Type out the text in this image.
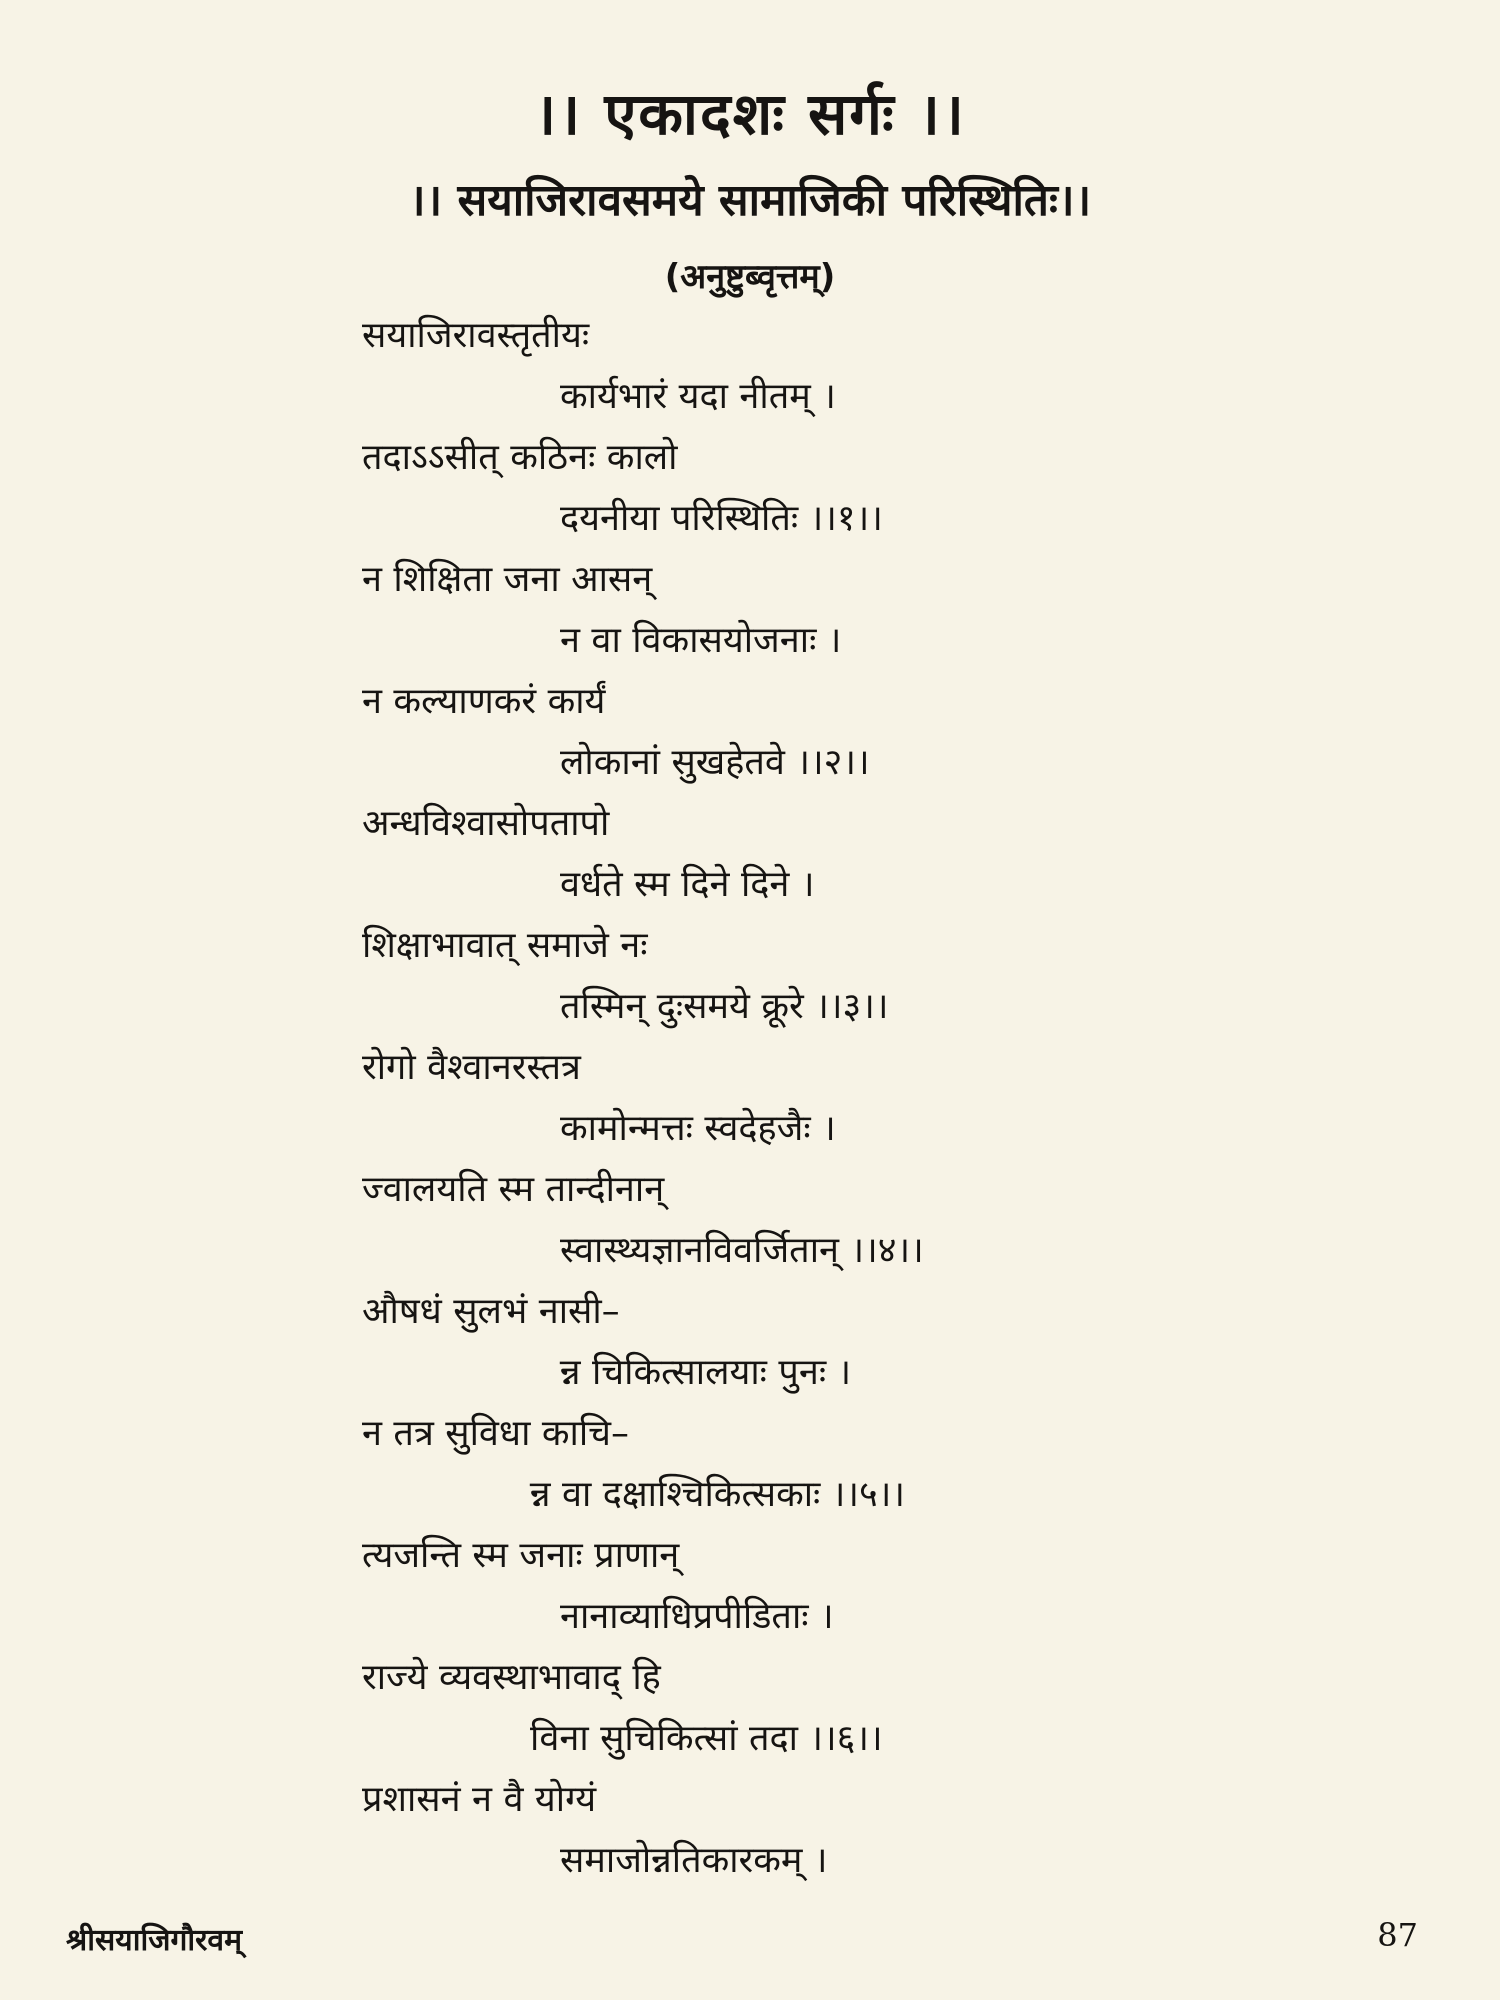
।। एकादशः सर्गः ।।
।। सयाजिरावसमये सामाजिकी परिस्थितिः।।
(अनुष्टुब्वृत्तम्)
सयाजिरावस्तृतीयः
कार्यभारं यदा नीतम् ।
तदाऽऽसीत् कठिनः कालो
दयनीया परिस्थितिः ।।१।।
न शिक्षिता जना आसन्
न वा विकासयोजनाः ।
न कल्याणकरं कार्यं
लोकानां सुखहेतवे ।।२।।
अन्धविश्वासोपतापो
वर्धते स्म दिने दिने ।
शिक्षाभावात् समाजे नः
तस्मिन् दुःसमये क्रूरे ।।३।।
रोगो वैश्वानरस्तत्र
कामोन्मत्तः स्वदेहजैः ।
ज्वालयति स्म तान्दीनान्
स्वास्थ्यज्ञानविवर्जितान् ।।४।।
औषधं सुलभं नासी–
न्न चिकित्सालयाः पुनः ।
न तत्र सुविधा काचि–
न्न वा दक्षाश्चिकित्सकाः ।।५।।
त्यजन्ति स्म जनाः प्राणान्
नानाव्याधिप्रपीडिताः ।
राज्ये व्यवस्थाभावाद् हि
विना सुचिकित्सां तदा ।।६।।
प्रशासनं न वै योग्यं
समाजोन्नतिकारकम् ।
श्रीसयाजिगौरवम्	87
